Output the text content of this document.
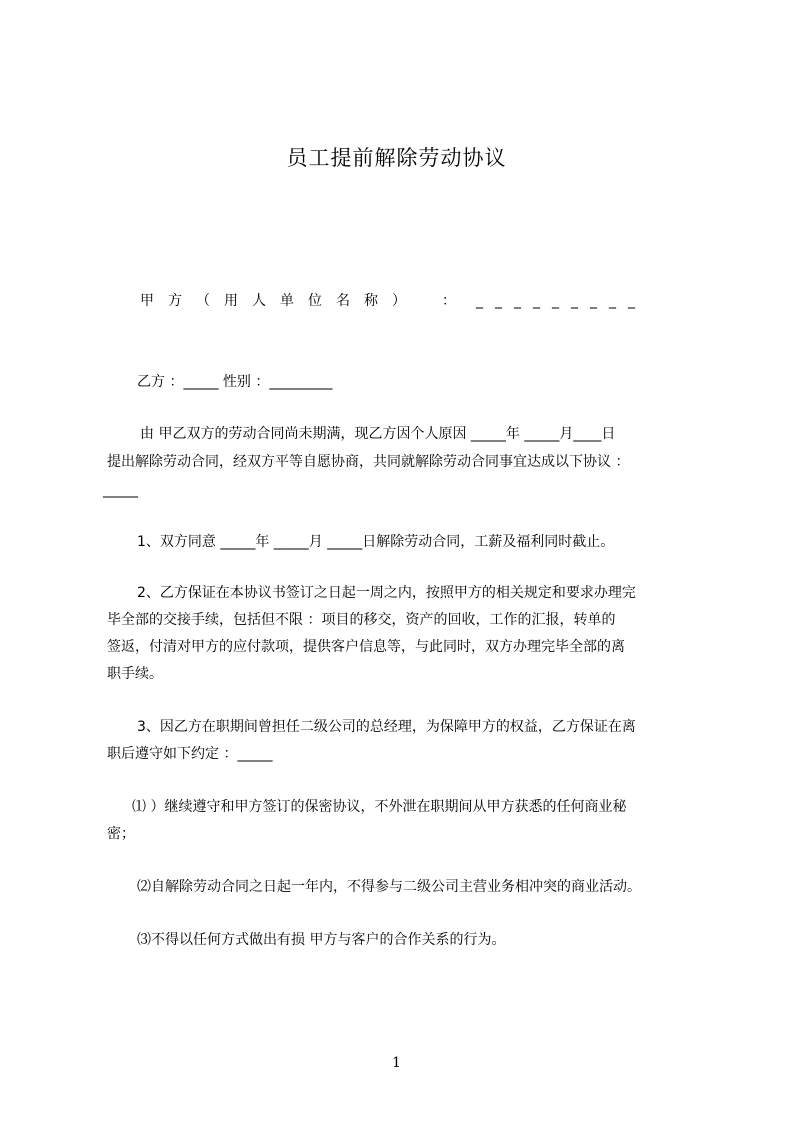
员工提前解除劳动协议
甲方（用人单位名称） ： _________
乙方 ：_____ 性别 ：_________
由 甲乙双方的劳动合同尚未期满，现乙方因个人原因 _____年 _____月____日
提出解除劳动合同，经双方平等自愿协商，共同就解除劳动合同事宜达成以下协议 ：
_____
1、双方同意 _____年 _____月 _____日解除劳动合同，工薪及福利同时截止。
2、乙方保证在本协议书签订之日起一周之内，按照甲方的相关规定和要求办理完
毕全部的交接手续，包括但不限 ：项目的移交，资产的回收，工作的汇报，转单的
签返，付清对甲方的应付款项，提供客户信息等，与此同时，双方办理完毕全部的离
职手续。
3、因乙方在职期间曾担任二级公司的总经理，为保障甲方的权益，乙方保证在离
职后遵守如下约定 ：_____
⑴ ）继续遵守和甲方签订的保密协议，不外泄在职期间从甲方获悉的任何商业秘
密；
⑵自解除劳动合同之日起一年内，不得参与二级公司主营业务相冲突的商业活动。
⑶不得以任何方式做出有损 甲方与客户的合作关系的行为。
1
